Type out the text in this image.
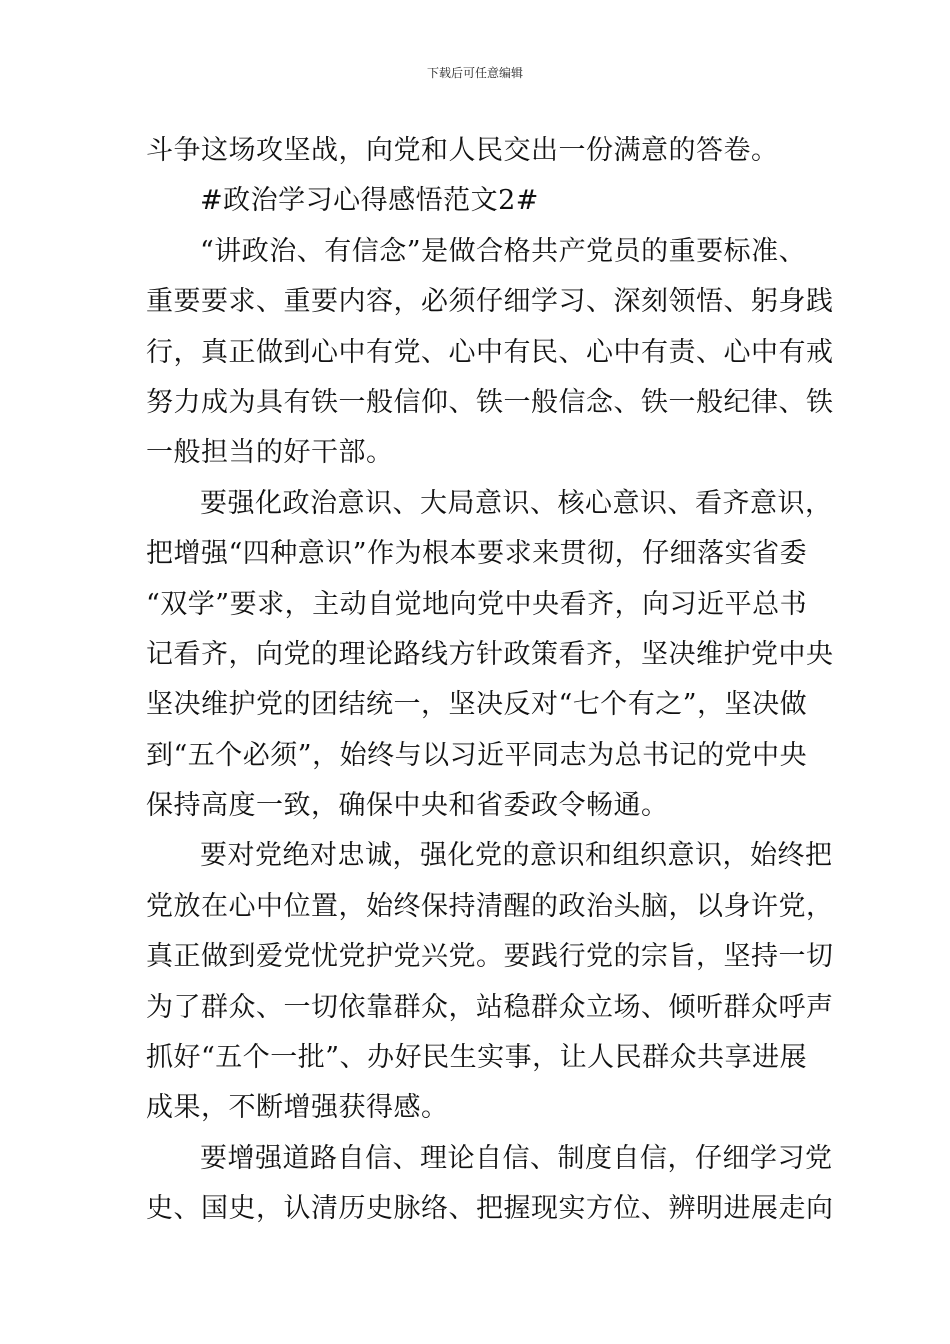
下载后可任意编辑
斗争这场攻坚战，向党和人民交出一份满意的答卷。
#政治学习心得感悟范文2#
“讲政治、有信念”是做合格共产党员的重要标准、
重要要求、重要内容，必须仔细学习、深刻领悟、躬身践
行，真正做到心中有党、心中有民、心中有责、心中有戒
努力成为具有铁一般信仰、铁一般信念、铁一般纪律、铁
一般担当的好干部。
要强化政治意识、大局意识、核心意识、看齐意识，
把增强“四种意识”作为根本要求来贯彻，仔细落实省委
“双学”要求，主动自觉地向党中央看齐，向习近平总书
记看齐，向党的理论路线方针政策看齐，坚决维护党中央
坚决维护党的团结统一，坚决反对“七个有之”，坚决做
到“五个必须”，始终与以习近平同志为总书记的党中央
保持高度一致，确保中央和省委政令畅通。
要对党绝对忠诚，强化党的意识和组织意识，始终把
党放在心中位置，始终保持清醒的政治头脑，以身许党，
真正做到爱党忧党护党兴党。要践行党的宗旨，坚持一切
为了群众、一切依靠群众，站稳群众立场、倾听群众呼声
抓好“五个一批”、办好民生实事，让人民群众共享进展
成果，不断增强获得感。
要增强道路自信、理论自信、制度自信，仔细学习党
史、国史，认清历史脉络、把握现实方位、辨明进展走向
